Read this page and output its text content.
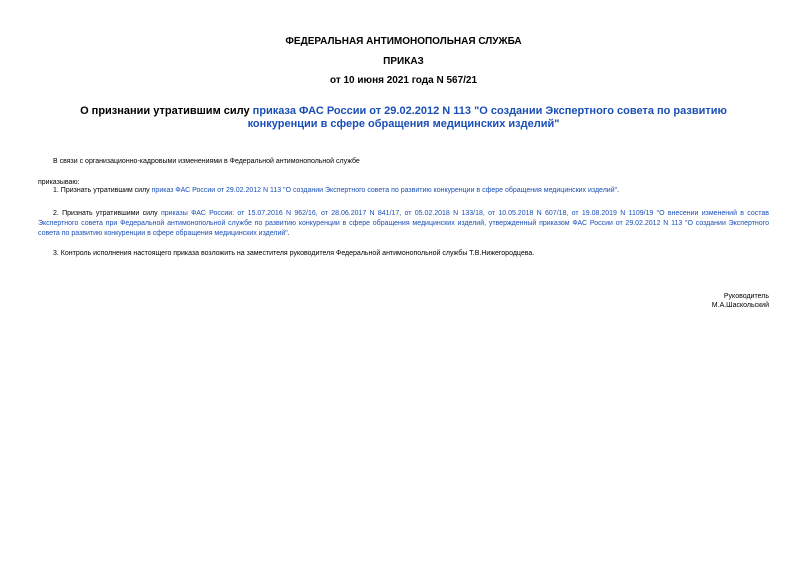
ФЕДЕРАЛЬНАЯ АНТИМОНОПОЛЬНАЯ СЛУЖБА
ПРИКАЗ
от 10 июня 2021 года N 567/21
О признании утратившим силу приказа ФАС России от 29.02.2012 N 113 "О создании Экспертного совета по развитию конкуренции в сфере обращения медицинских изделий"
В связи с организационно-кадровыми изменениями в Федеральной антимонопольной службе
приказываю:
1. Признать утратившим силу приказ ФАС России от 29.02.2012 N 113 "О создании Экспертного совета по развитию конкуренции в сфере обращения медицинских изделий".
2. Признать утратившими силу приказы ФАС России: от 15.07.2016 N 962/16, от 28.06.2017 N 841/17, от 05.02.2018 N 133/18, от 10.05.2018 N 607/18, от 19.08.2019 N 1109/19 "О внесении изменений в состав Экспертного совета при Федеральной антимонопольной службе по развитию конкуренции в сфере обращения медицинских изделий, утвержденный приказом ФАС России от 29.02.2012 N 113 "О создании Экспертного совета по развитию конкуренции в сфере обращения медицинских изделий".
3. Контроль исполнения настоящего приказа возложить на заместителя руководителя Федеральной антимонопольной службы Т.В.Нижегородцева.
Руководитель
М.А.Шаскольский
